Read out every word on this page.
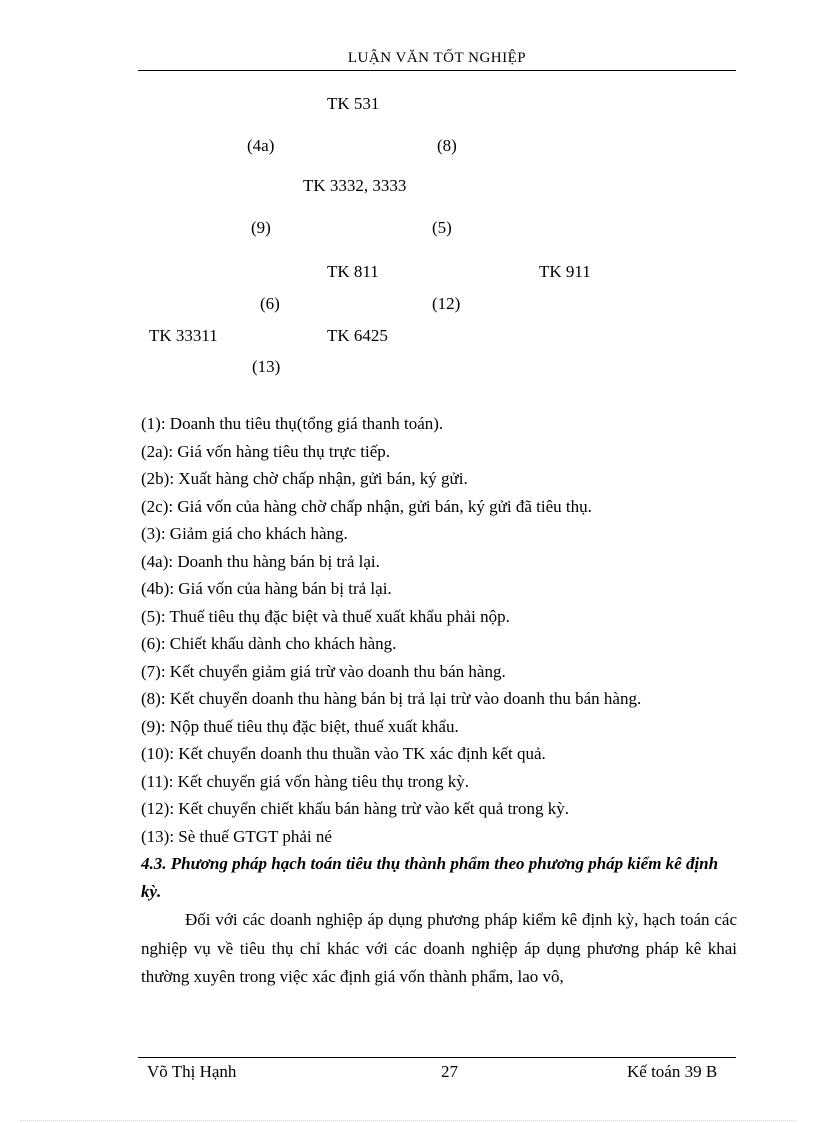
LUẬN VĂN TỐT NGHIỆP
TK 531
(4a)	(8)
TK 3332, 3333
(9)	(5)
TK 811	TK 911
(6)	(12)
TK 33311	TK 6425
(13)
(1): Doanh thu tiêu thụ(tổng giá thanh toán).
(2a): Giá vốn hàng tiêu thụ trực tiếp.
(2b): Xuất hàng chờ chấp nhận, gửi bán, ký gửi.
(2c): Giá vốn của hàng chờ chấp nhận, gửi bán, ký gửi đã tiêu thụ.
(3): Giảm giá cho khách hàng.
(4a): Doanh thu hàng bán bị trả lại.
(4b): Giá vốn của hàng bán bị trả lại.
(5): Thuế tiêu thụ đặc biệt và thuế xuất khẩu phải nộp.
(6): Chiết khấu dành cho khách hàng.
(7): Kết chuyển giảm giá trừ vào doanh thu bán hàng.
(8): Kết chuyển doanh thu hàng bán bị trả lại trừ vào doanh thu bán hàng.
(9): Nộp thuế tiêu thụ đặc biệt, thuế xuất khẩu.
(10): Kết chuyển doanh thu thuần vào TK xác định kết quả.
(11): Kết chuyển giá vốn hàng tiêu thụ trong kỳ.
(12): Kết chuyển chiết khấu bán hàng trừ vào kết quả trong kỳ.
(13): Sè thuế GTGT phải né
4.3. Phương pháp hạch toán tiêu thụ thành phẩm theo phương pháp kiểm kê định kỳ.
Đối với các doanh nghiệp áp dụng phương pháp kiểm kê định kỳ, hạch toán các nghiệp vụ về tiêu thụ chỉ khác với các doanh nghiệp áp dụng phương pháp kê khai thường xuyên trong việc xác định giá vốn thành phẩm, lao vô,
Võ Thị Hạnh	27	Kế toán 39 B
